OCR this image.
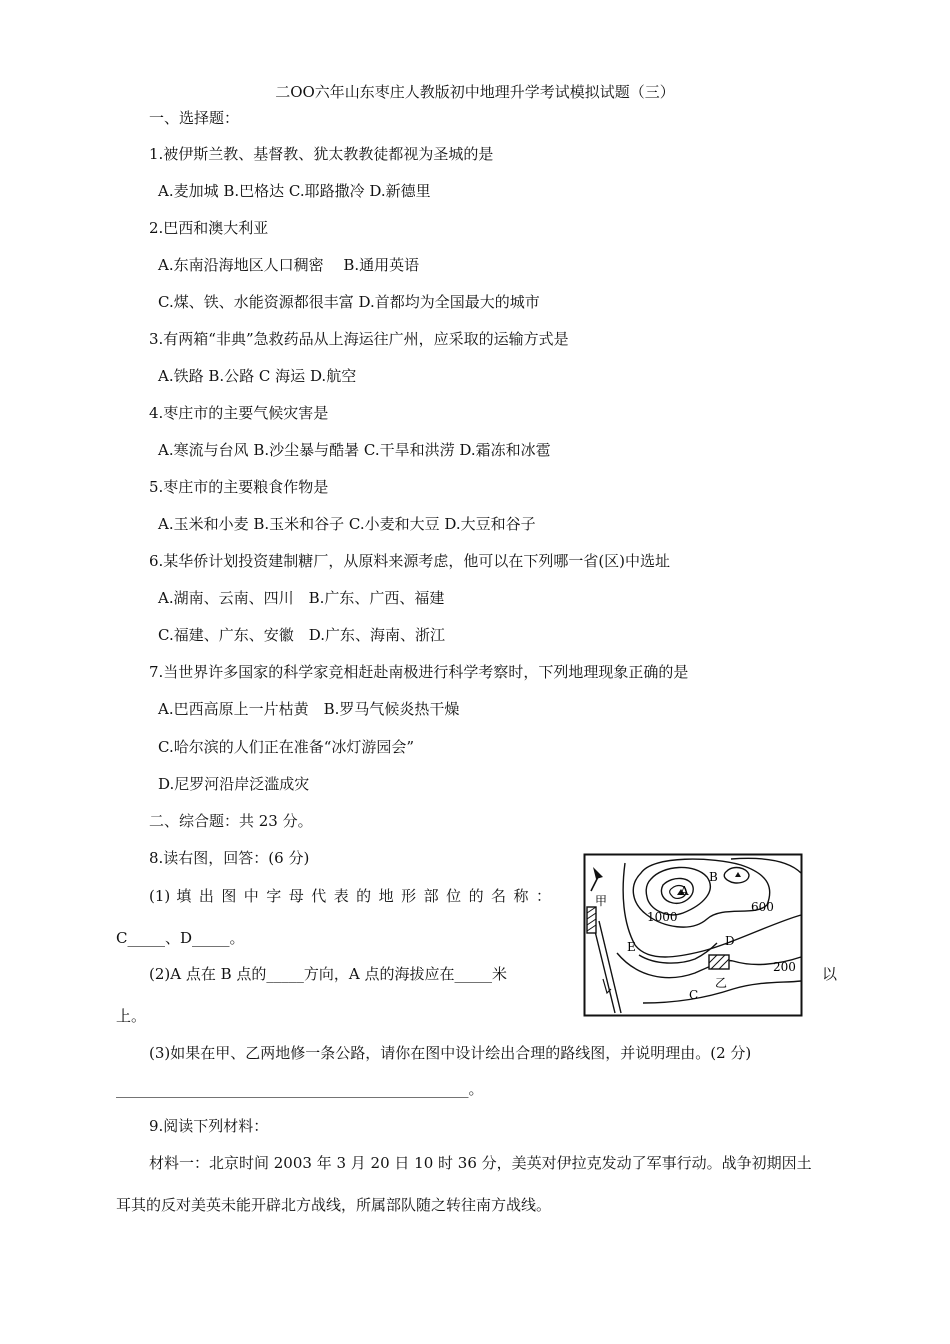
二OO六年山东枣庄人教版初中地理升学考试模拟试题（三）
一、选择题：
1.被伊斯兰教、基督教、犹太教教徒都视为圣城的是
A.麦加城 B.巴格达 C.耶路撒冷 D.新德里
2.巴西和澳大利亚
A.东南沿海地区人口稠密　 B.通用英语
C.煤、铁、水能资源都很丰富 D.首都均为全国最大的城市
3.有两箱“非典”急救药品从上海运往广州，应采取的运输方式是
A.铁路 B.公路 C 海运 D.航空
4.枣庄市的主要气候灾害是
A.寒流与台风 B.沙尘暴与酷暑 C.干旱和洪涝 D.霜冻和冰雹
5.枣庄市的主要粮食作物是
A.玉米和小麦 B.玉米和谷子 C.小麦和大豆 D.大豆和谷子
6.某华侨计划投资建制糖厂，从原料来源考虑，他可以在下列哪一省(区)中选址
A.湖南、云南、四川　B.广东、广西、福建
C.福建、广东、安徽　D.广东、海南、浙江
7.当世界许多国家的科学家竞相赶赴南极进行科学考察时，下列地理现象正确的是
A.巴西高原上一片枯黄　B.罗马气候炎热干燥
C.哈尔滨的人们正在准备“冰灯游园会”
D.尼罗河沿岸泛滥成灾
二、综合题：共 23 分。
8.读右图，回答：(6 分)
(1) 填 出 图 中 字 母 代 表 的 地 形 部 位 的 名 称 ：
C_____、D_____。
(2)A 点在 B 点的_____方向，A 点的海拔应在_____米	以
上。
(3)如果在甲、乙两地修一条公路，请你在图中设计绘出合理的路线图，并说明理由。(2 分)
_______________________________________________。
A
B
C
D
E
甲
乙
1000
600
200
9.阅读下列材料：
材料一：北京时间 2003 年 3 月 20 日 10 时 36 分，美英对伊拉克发动了军事行动。战争初期因土
耳其的反对美英未能开辟北方战线，所属部队随之转往南方战线。
